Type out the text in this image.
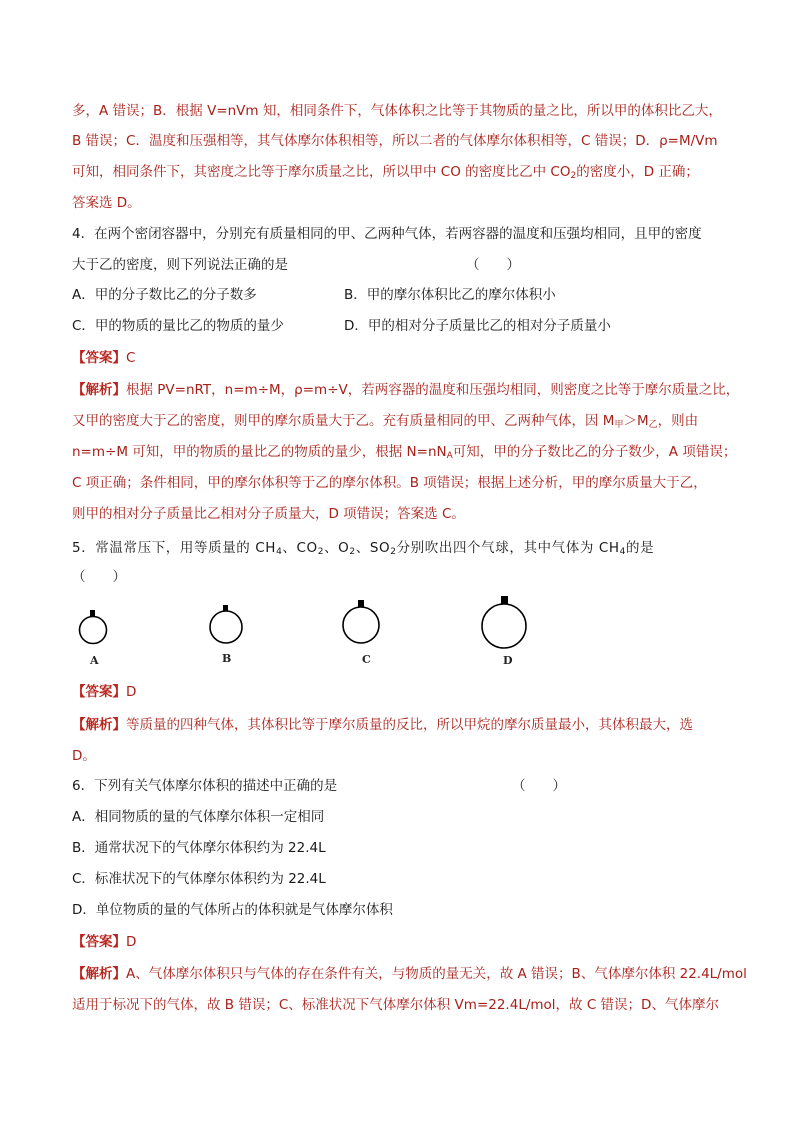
多，A 错误；B．根据 V=nVm 知，相同条件下，气体体积之比等于其物质的量之比，所以甲的体积比乙大，
B 错误；C．温度和压强相等，其气体摩尔体积相等，所以二者的气体摩尔体积相等，C 错误；D．ρ=M/Vm
可知，相同条件下，其密度之比等于摩尔质量之比，所以甲中 CO 的密度比乙中 $CO_2$的密度小，D 正确；
答案选 D。
4．在两个密闭容器中，分别充有质量相同的甲、乙两种气体，若两容器的温度和压强均相同，且甲的密度
大于乙的密度，则下列说法正确的是	（　　）
A．甲的分子数比乙的分子数多	B．甲的摩尔体积比乙的摩尔体积小
C．甲的物质的量比乙的物质的量少	D．甲的相对分子质量比乙的相对分子质量小
【答案】C
【解析】根据 PV=nRT，n=m÷M，ρ=m÷V，若两容器的温度和压强均相同，则密度之比等于摩尔质量之比，
又甲的密度大于乙的密度，则甲的摩尔质量大于乙。充有质量相同的甲、乙两种气体，因 $M_甲>M_乙$，则由
n=m÷M 可知，甲的物质的量比乙的物质的量少，根据 $N=nN_A$可知，甲的分子数比乙的分子数少，A 项错误；
C 项正确；条件相同，甲的摩尔体积等于乙的摩尔体积。B 项错误；根据上述分析，甲的摩尔质量大于乙，
则甲的相对分子质量比乙相对分子质量大，D 项错误；答案选 C。
5．常温常压下，用等质量的 $CH_4$、$CO_2$、$O_2$、$SO_2$分别吹出四个气球，其中气体为 $CH_4$的是
（　　）
A	B	C	D
【答案】D
【解析】等质量的四种气体，其体积比等于摩尔质量的反比，所以甲烷的摩尔质量最小，其体积最大，选
D。
6．下列有关气体摩尔体积的描述中正确的是	（　　）
A．相同物质的量的气体摩尔体积一定相同
B．通常状况下的气体摩尔体积约为 22.4L
C．标准状况下的气体摩尔体积约为 22.4L
D．单位物质的量的气体所占的体积就是气体摩尔体积
【答案】D
【解析】A、气体摩尔体积只与气体的存在条件有关，与物质的量无关，故 A 错误；B、气体摩尔体积 22.4L/mol
适用于标况下的气体，故 B 错误；C、标准状况下气体摩尔体积 Vm=22.4L/mol，故 C 错误；D、气体摩尔
